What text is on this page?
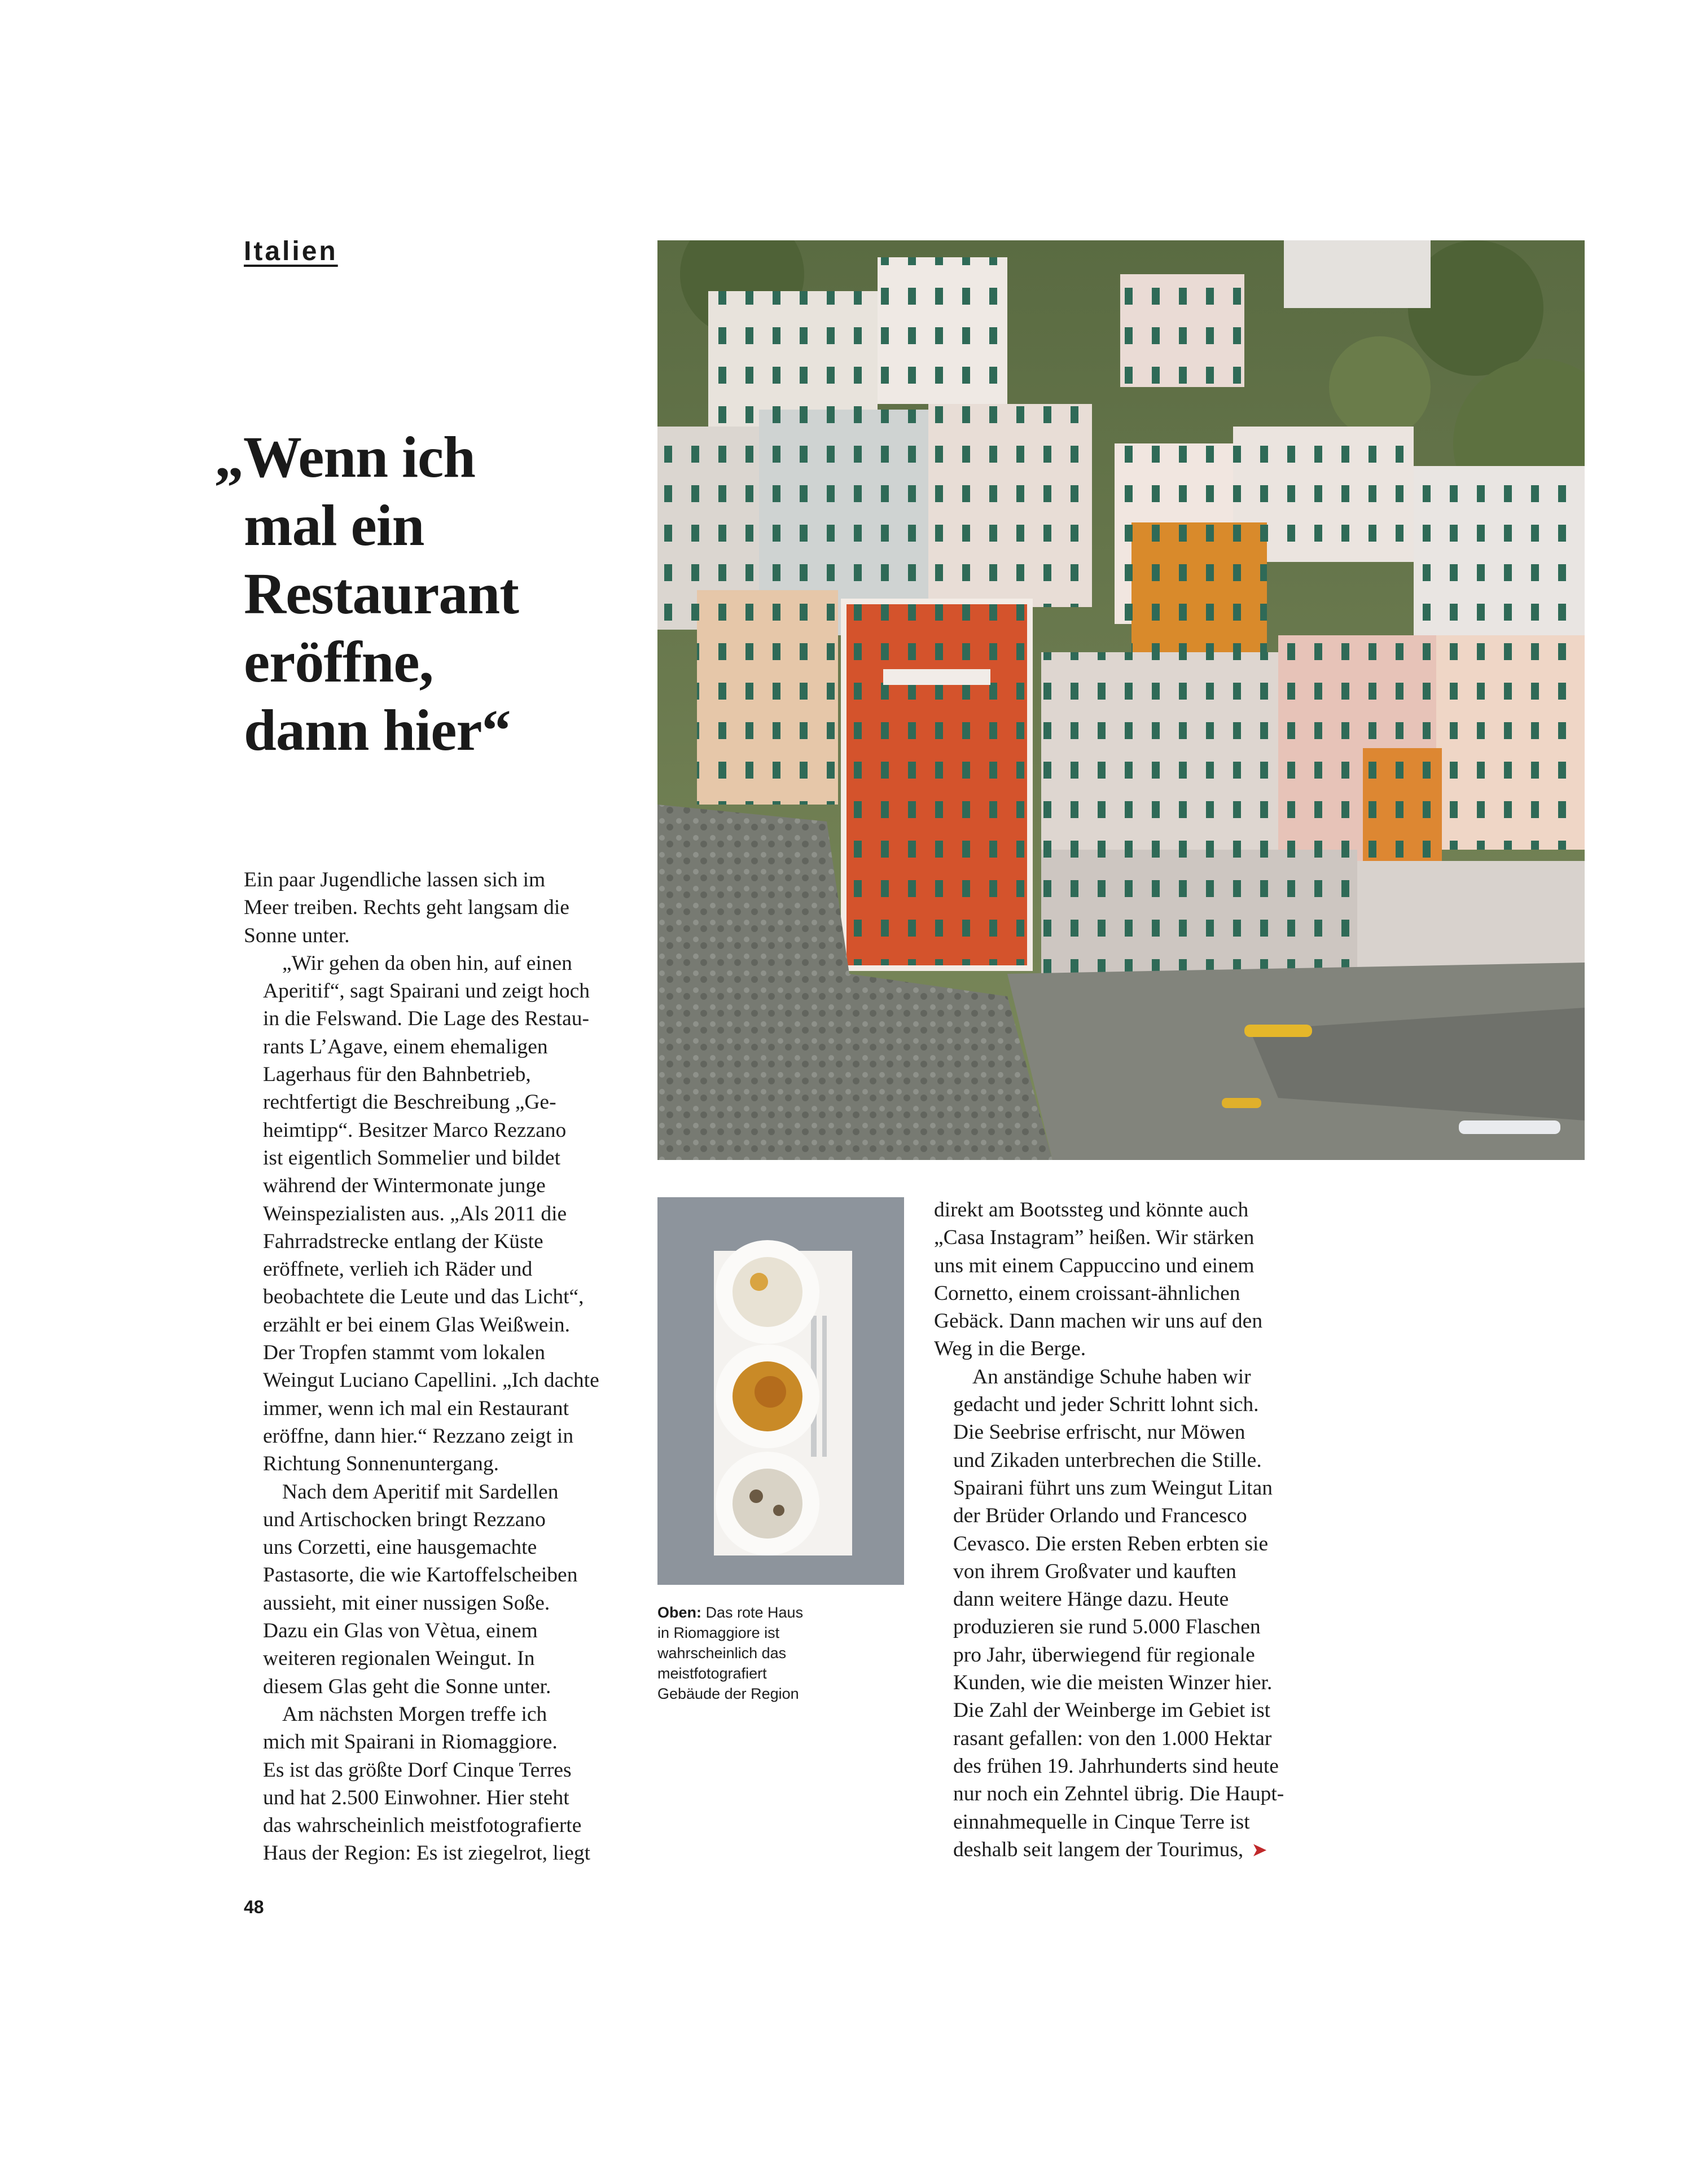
Italien
„Wenn ich
mal ein
Restaurant
eröffne,
dann hier“
Oben: Das rote Haus
in Riomaggiore ist
wahrscheinlich das
meistfotografiert
Gebäude der Region

Ein paar Jugendliche lassen sich im
Meer treiben. Rechts geht langsam die
Sonne unter.

„Wir gehen da oben hin, auf einen
Aperitif“, sagt Spairani und zeigt hoch
in die Felswand. Die Lage des Restau-
rants L’Agave, einem ehemaligen
Lagerhaus für den Bahnbetrieb,
rechtfertigt die Beschreibung „Ge-
heimtipp“. Besitzer Marco Rezzano
ist eigentlich Sommelier und bildet
während der Wintermonate junge
Weinspezialisten aus. „Als 2011 die
Fahrradstrecke entlang der Küste
eröffnete, verlieh ich Räder und
beobachtete die Leute und das Licht“,
erzählt er bei einem Glas Weißwein.
Der Tropfen stammt vom lokalen
Weingut Luciano Capellini. „Ich dachte
immer, wenn ich mal ein Restaurant
eröffne, dann hier.“ Rezzano zeigt in
Richtung Sonnenuntergang.

Nach dem Aperitif mit Sardellen
und Artischocken bringt Rezzano
uns Corzetti, eine hausgemachte
Pastasorte, die wie Kartoffelscheiben
aussieht, mit einer nussigen Soße.
Dazu ein Glas von Vètua, einem
weiteren regionalen Weingut. In
diesem Glas geht die Sonne unter.

Am nächsten Morgen treffe ich
mich mit Spairani in Riomaggiore.
Es ist das größte Dorf Cinque Terres
und hat 2.500 Einwohner. Hier steht
das wahrscheinlich meistfotografierte
Haus der Region: Es ist ziegelrot, liegt

direkt am Bootssteg und könnte auch
„Casa Instagram” heißen. Wir stärken
uns mit einem Cappuccino und einem
Cornetto, einem croissant-ähnlichen
Gebäck. Dann machen wir uns auf den
Weg in die Berge.

An anständige Schuhe haben wir
gedacht und jeder Schritt lohnt sich.
Die Seebrise erfrischt, nur Möwen
und Zikaden unterbrechen die Stille.
Spairani führt uns zum Weingut Litan
der Brüder Orlando und Francesco
Cevasco. Die ersten Reben erbten sie
von ihrem Großvater und kauften
dann weitere Hänge dazu. Heute
produzieren sie rund 5.000 Flaschen
pro Jahr, überwiegend für regionale
Kunden, wie die meisten Winzer hier.
Die Zahl der Weinberge im Gebiet ist
rasant gefallen: von den 1.000 Hektar
des frühen 19. Jahrhunderts sind heute
nur noch ein Zehntel übrig. Die Haupt-
einnahmequelle in Cinque Terre ist
deshalb seit langem der Tourimus, ➤

48
